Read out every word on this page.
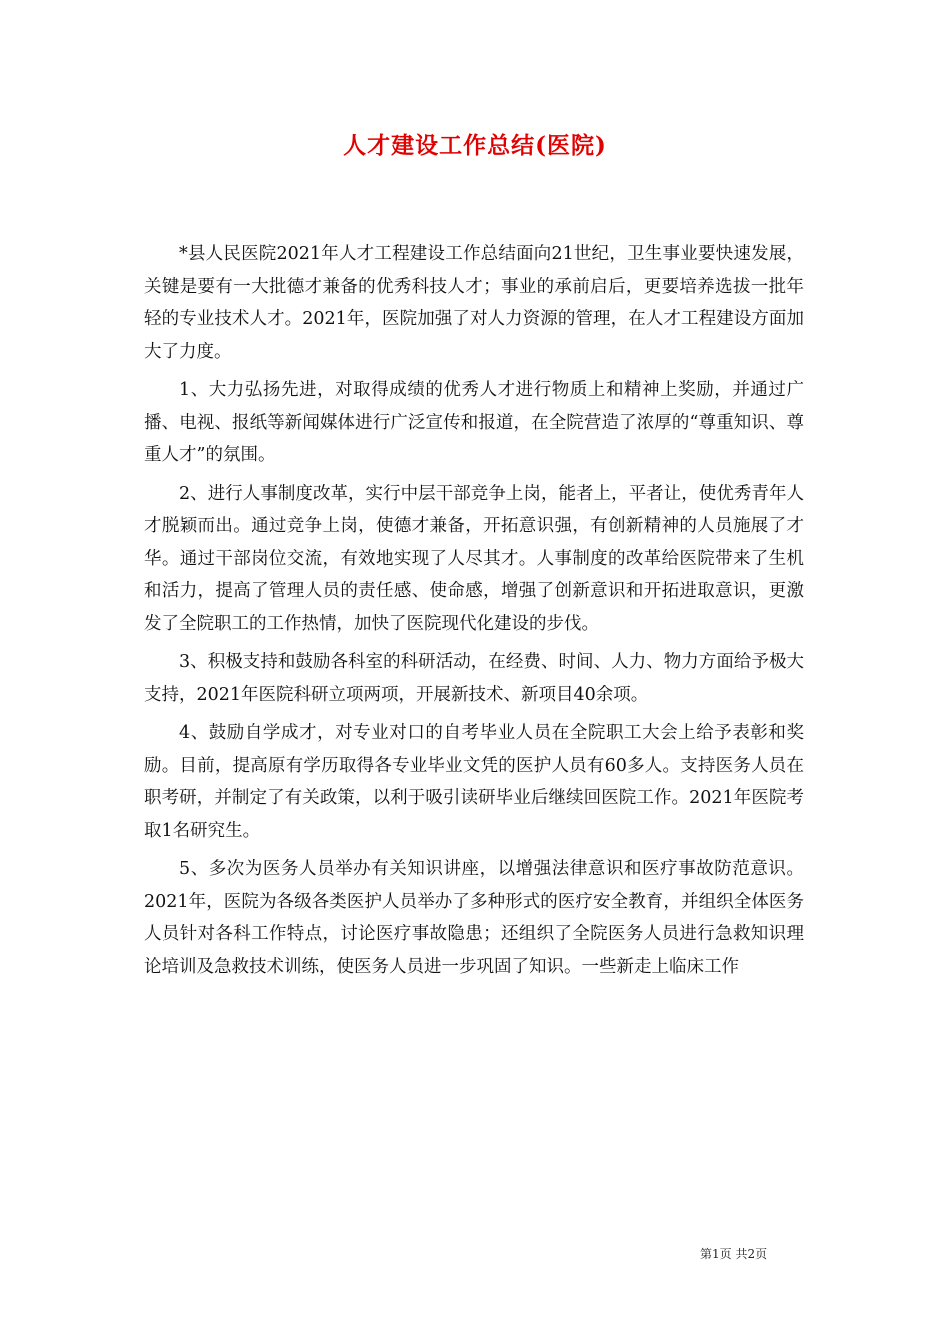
人才建设工作总结(医院)

*县人民医院2021年人才工程建设工作总结面向21世纪，卫生事业要快速发展，关键是要有一大批德才兼备的优秀科技人才；事业的承前启后，更要培养选拔一批年轻的专业技术人才。2021年，医院加强了对人力资源的管理，在人才工程建设方面加大了力度。

1、大力弘扬先进，对取得成绩的优秀人才进行物质上和精神上奖励，并通过广播、电视、报纸等新闻媒体进行广泛宣传和报道，在全院营造了浓厚的“尊重知识、尊重人才”的氛围。

2、进行人事制度改革，实行中层干部竞争上岗，能者上，平者让，使优秀青年人才脱颖而出。通过竞争上岗，使德才兼备，开拓意识强，有创新精神的人员施展了才华。通过干部岗位交流，有效地实现了人尽其才。人事制度的改革给医院带来了生机和活力，提高了管理人员的责任感、使命感，增强了创新意识和开拓进取意识，更激发了全院职工的工作热情，加快了医院现代化建设的步伐。

3、积极支持和鼓励各科室的科研活动，在经费、时间、人力、物力方面给予极大支持，2021年医院科研立项两项，开展新技术、新项目40余项。

4、鼓励自学成才，对专业对口的自考毕业人员在全院职工大会上给予表彰和奖励。目前，提高原有学历取得各专业毕业文凭的医护人员有60多人。支持医务人员在职考研，并制定了有关政策，以利于吸引读研毕业后继续回医院工作。2021年医院考取1名研究生。

5、多次为医务人员举办有关知识讲座，以增强法律意识和医疗事故防范意识。2021年，医院为各级各类医护人员举办了多种形式的医疗安全教育，并组织全体医务人员针对各科工作特点，讨论医疗事故隐患；还组织了全院医务人员进行急救知识理论培训及急救技术训练，使医务人员进一步巩固了知识。一些新走上临床工作

第1页 共2页
